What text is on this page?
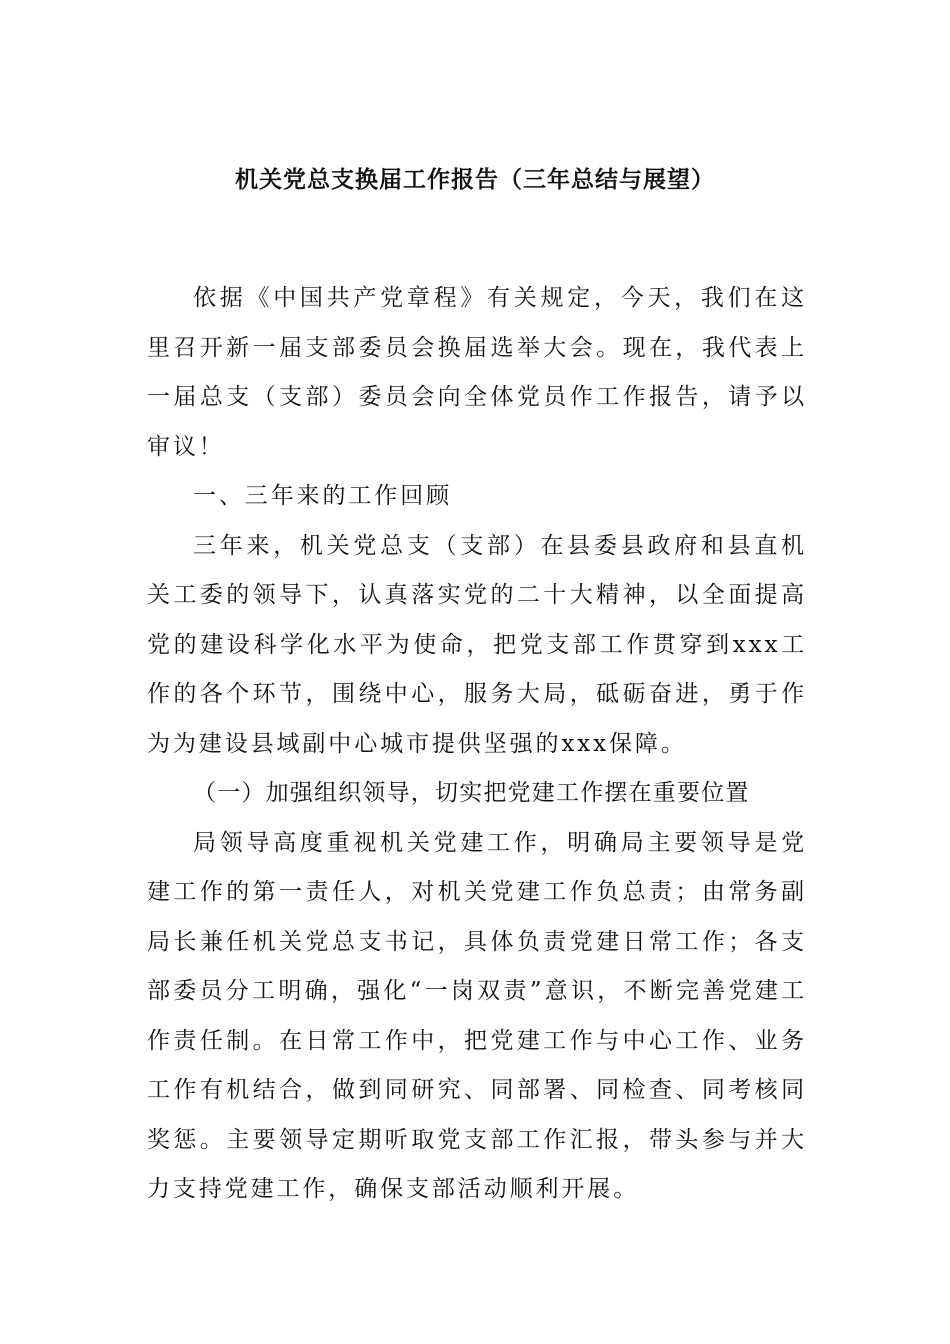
机关党总支换届工作报告（三年总结与展望）

依据《中国共产党章程》有关规定，今天，我们在这里召开新一届支部委员会换届选举大会。现在，我代表上一届总支（支部）委员会向全体党员作工作报告，请予以审议！

一、三年来的工作回顾

三年来，机关党总支（支部）在县委县政府和县直机关工委的领导下，认真落实党的二十大精神，以全面提高党的建设科学化水平为使命，把党支部工作贯穿到xxx工作的各个环节，围绕中心，服务大局，砥砺奋进，勇于作为为建设县域副中心城市提供坚强的xxx保障。

（一）加强组织领导，切实把党建工作摆在重要位置

局领导高度重视机关党建工作，明确局主要领导是党建工作的第一责任人，对机关党建工作负总责；由常务副局长兼任机关党总支书记，具体负责党建日常工作；各支部委员分工明确，强化“一岗双责”意识，不断完善党建工作责任制。在日常工作中，把党建工作与中心工作、业务工作有机结合，做到同研究、同部署、同检查、同考核同奖惩。主要领导定期听取党支部工作汇报，带头参与并大力支持党建工作，确保支部活动顺利开展。
